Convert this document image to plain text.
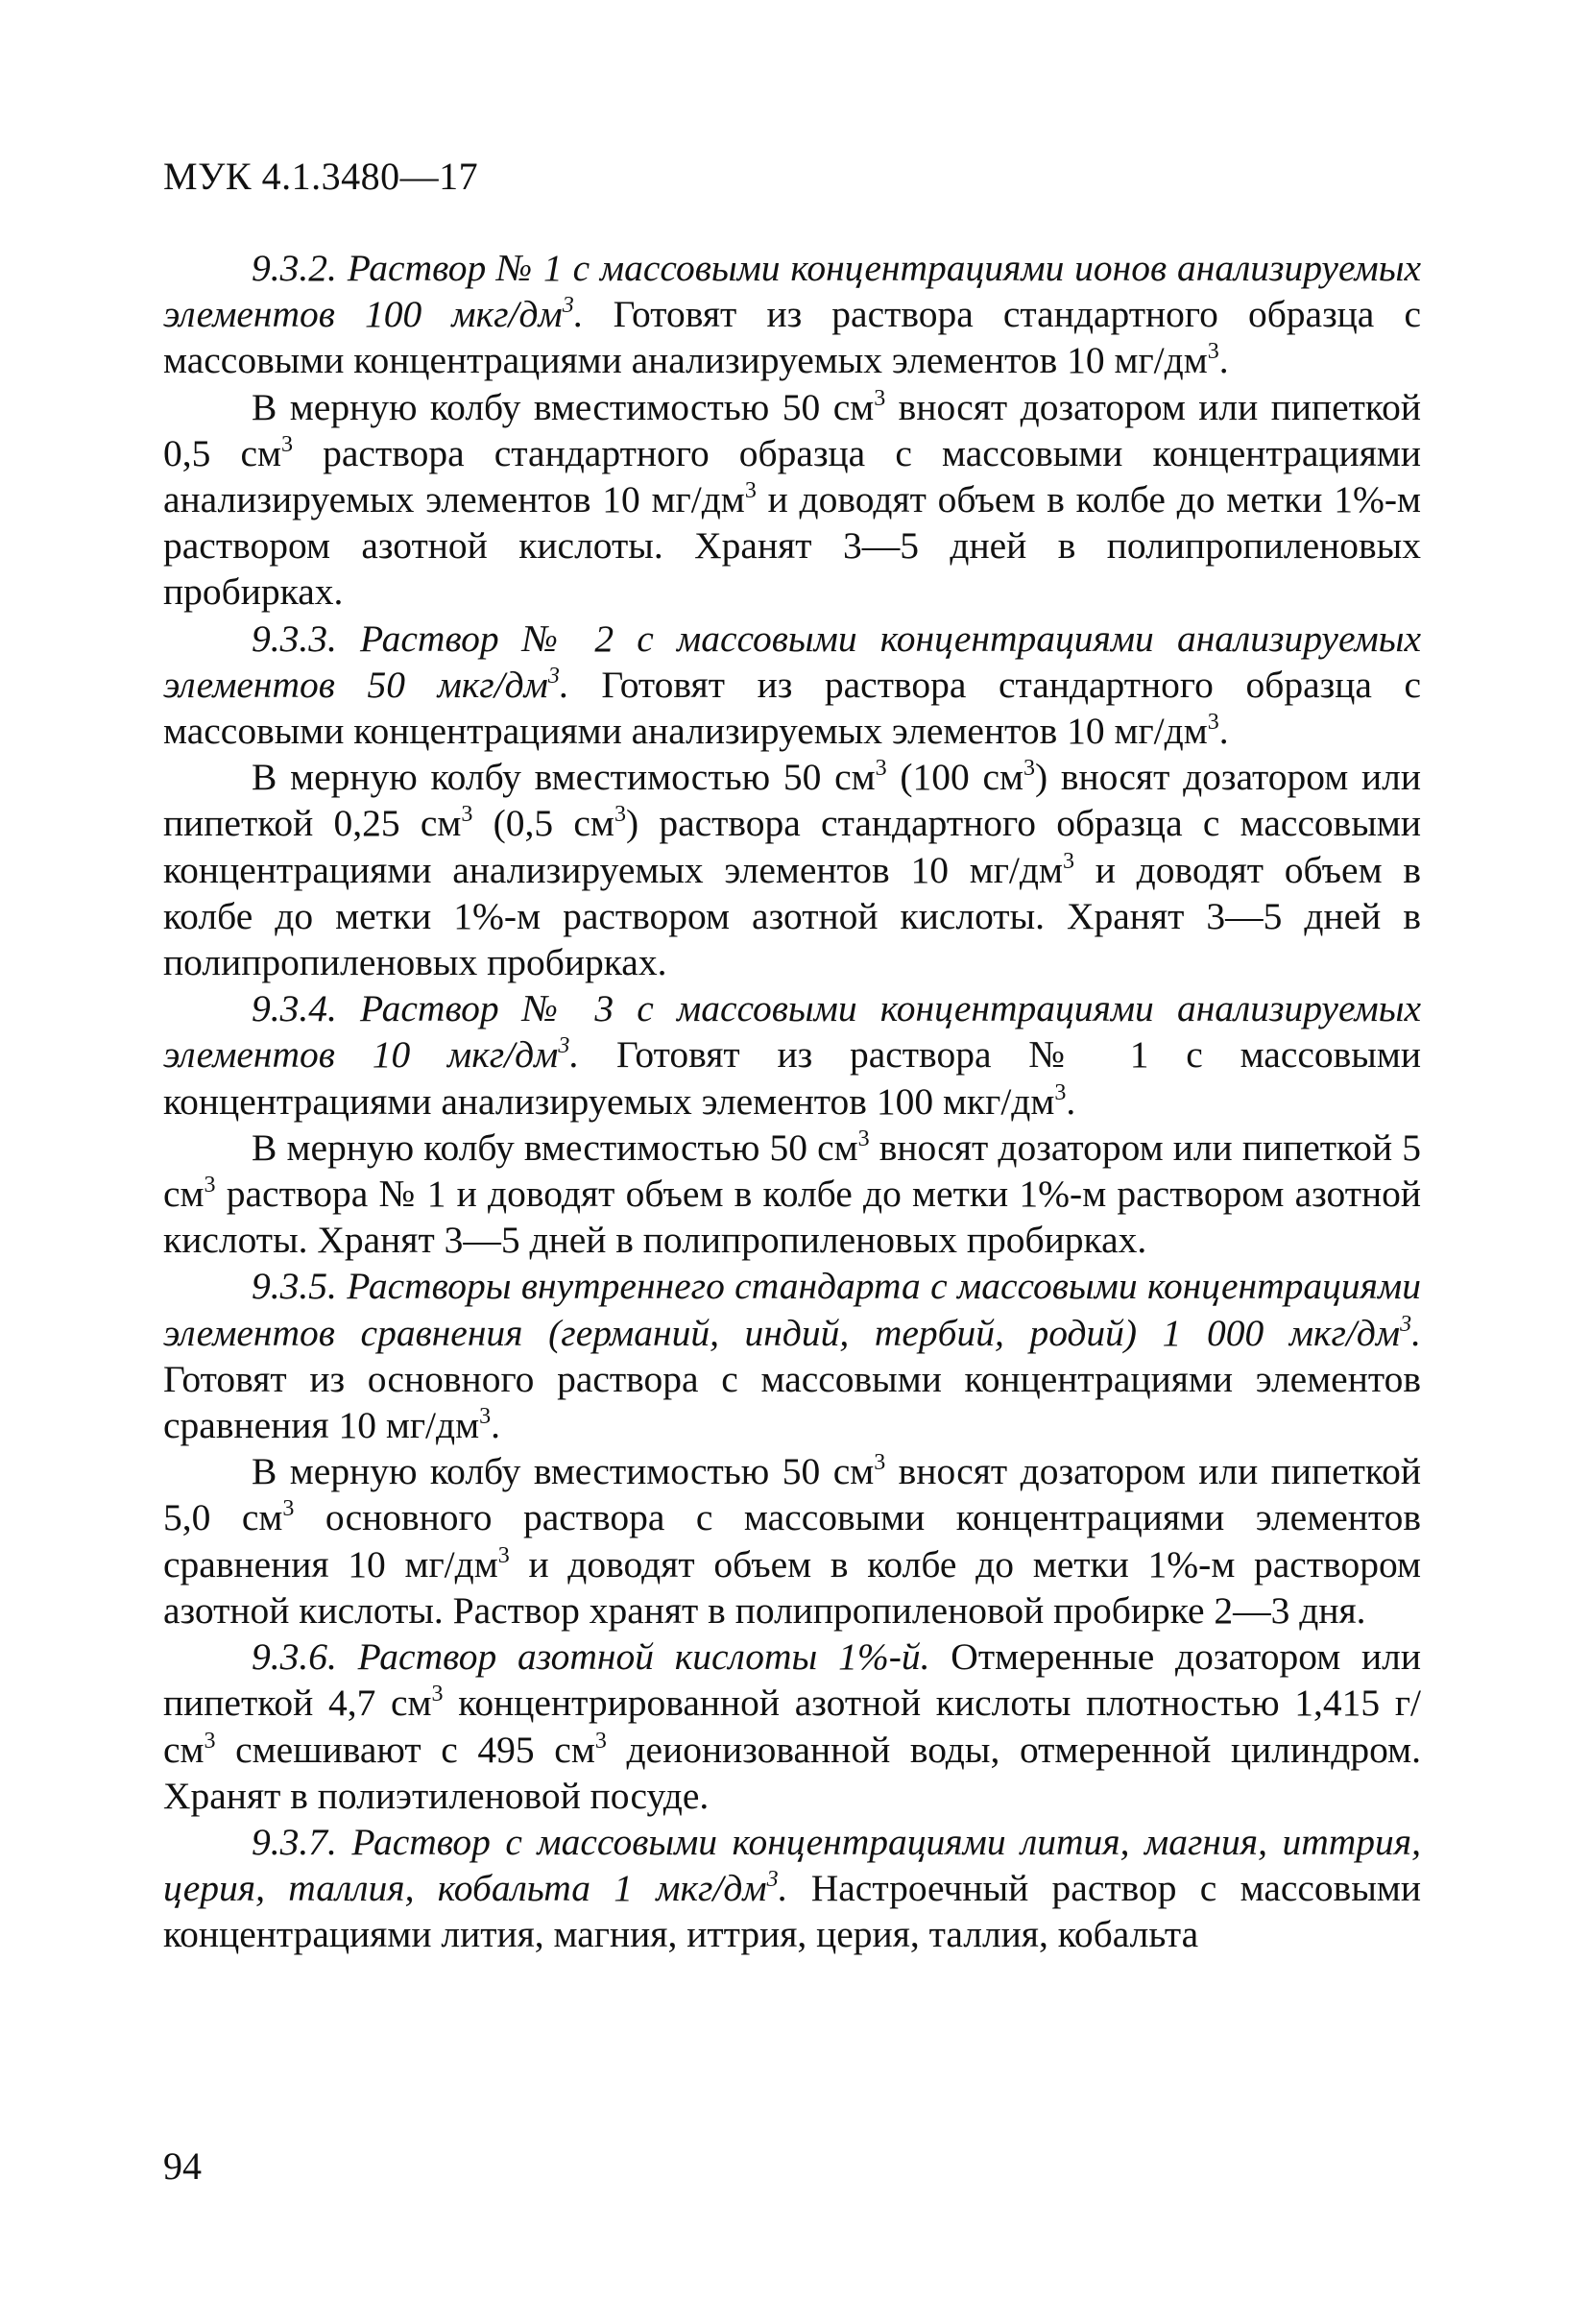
МУК 4.1.3480—17

9.3.2. Раствор № 1 с массовыми концентрациями ионов анализируемых элементов 100 мкг/$дм^3$. Готовят из раствора стандартного образца с массовыми концентрациями анализируемых элементов 10 $мг/дм^3$.

В мерную колбу вместимостью 50 $см^3$ вносят дозатором или пипеткой 0,5 $см^3$ раствора стандартного образца с массовыми концентрациями анализируемых элементов 10 $мг/дм^3$ и доводят объем в колбе до метки 1%-м раствором азотной кислоты. Хранят 3—5 дней в полипропиленовых пробирках.

9.3.3. Раствор № 2 с массовыми концентрациями анализируемых элементов 50 мкг/$дм^3$. Готовят из раствора стандартного образца с массовыми концентрациями анализируемых элементов 10 $мг/дм^3$.

В мерную колбу вместимостью 50 $см^3$ (100 $см^3$) вносят дозатором или пипеткой 0,25 $см^3$ (0,5 $см^3$) раствора стандартного образца с массовыми концентрациями анализируемых элементов 10 $мг/дм^3$ и доводят объем в колбе до метки 1%-м раствором азотной кислоты. Хранят 3—5 дней в полипропиленовых пробирках.

9.3.4. Раствор № 3 с массовыми концентрациями анализируемых элементов 10 мкг/$дм^3$. Готовят из раствора № 1 с массовыми концентрациями анализируемых элементов 100 мкг/$дм^3$.

В мерную колбу вместимостью 50 $см^3$ вносят дозатором или пипеткой 5 $см^3$ раствора № 1 и доводят объем в колбе до метки 1%-м раствором азотной кислоты. Хранят 3—5 дней в полипропиленовых пробирках.

9.3.5. Растворы внутреннего стандарта с массовыми концентрациями элементов сравнения (германий, индий, тербий, родий) 1 000 мкг/$дм^3$. Готовят из основного раствора с массовыми концентрациями элементов сравнения 10 $мг/дм^3$.

В мерную колбу вместимостью 50 $см^3$ вносят дозатором или пипеткой 5,0 $см^3$ основного раствора с массовыми концентрациями элементов сравнения 10 $мг/дм^3$ и доводят объем в колбе до метки 1%-м раствором азотной кислоты. Раствор хранят в полипропиленовой пробирке 2—3 дня.

9.3.6. Раствор азотной кислоты 1%-й. Отмеренные дозатором или пипеткой 4,7 $см^3$ концентрированной азотной кислоты плотностью 1,415 $г/см^3$ смешивают с 495 $см^3$ деионизованной воды, отмеренной цилиндром. Хранят в полиэтиленовой посуде.

9.3.7. Раствор с массовыми концентрациями лития, магния, иттрия, церия, таллия, кобальта 1 мкг/$дм^3$. Настроечный раствор с массовыми концентрациями лития, магния, иттрия, церия, таллия, кобальта

94
